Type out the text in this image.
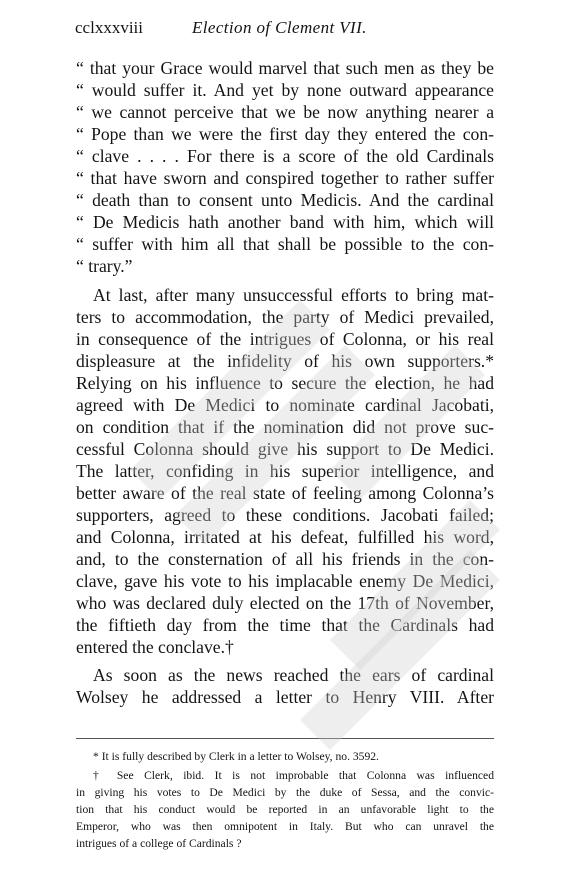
cclxxxviii	Election of Clement VII.
“ that your Grace would marvel that such men as they be
“ would suffer it. And yet by none outward appearance
“ we cannot perceive that we be now anything nearer a
“ Pope than we were the first day they entered the con-
“ clave . . . . For there is a score of the old Cardinals
“ that have sworn and conspired together to rather suffer
“ death than to consent unto Medicis. And the cardinal
“ De Medicis hath another band with him, which will
“ suffer with him all that shall be possible to the con-
“ trary.”
At last, after many unsuccessful efforts to bring mat-
ters to accommodation, the party of Medici prevailed,
in consequence of the intrigues of Colonna, or his real
displeasure at the infidelity of his own supporters.*
Relying on his influence to secure the election, he had
agreed with De Medici to nominate cardinal Jacobati,
on condition that if the nomination did not prove suc-
cessful Colonna should give his support to De Medici.
The latter, confiding in his superior intelligence, and
better aware of the real state of feeling among Colonna’s
supporters, agreed to these conditions. Jacobati failed;
and Colonna, irritated at his defeat, fulfilled his word,
and, to the consternation of all his friends in the con-
clave, gave his vote to his implacable enemy De Medici,
who was declared duly elected on the 17th of November,
the fiftieth day from the time that the Cardinals had
entered the conclave.†
As soon as the news reached the ears of cardinal
Wolsey he addressed a letter to Henry VIII. After
* It is fully described by Clerk in a letter to Wolsey, no. 3592.
† See Clerk, ibid. It is not improbable that Colonna was influenced
in giving his votes to De Medici by the duke of Sessa, and the convic-
tion that his conduct would be reported in an unfavorable light to the
Emperor, who was then omnipotent in Italy. But who can unravel the
intrigues of a college of Cardinals ?
